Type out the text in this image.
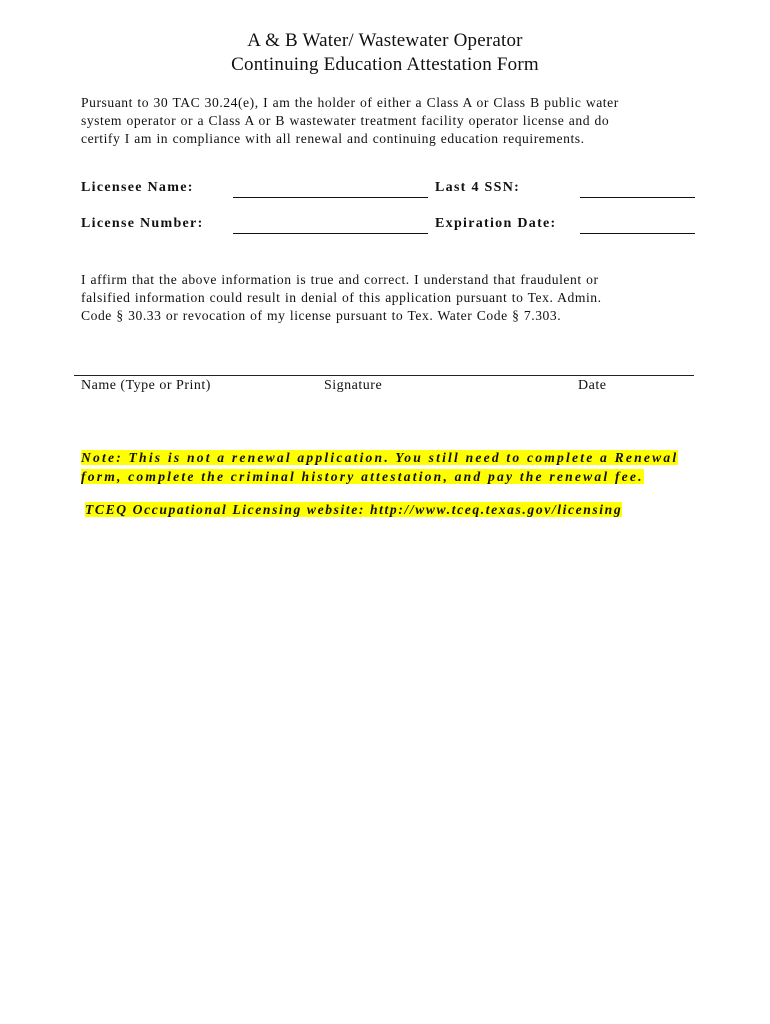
A & B Water/ Wastewater Operator
Continuing Education Attestation Form
Pursuant to 30 TAC 30.24(e), I am the holder of either a Class A or Class B public water
system operator or a Class A or B wastewater treatment facility operator license and do
certify I am in compliance with all renewal and continuing education requirements.
Licensee Name:	Last 4 SSN:
License Number:	Expiration Date:
I affirm that the above information is true and correct. I understand that fraudulent or
falsified information could result in denial of this application pursuant to Tex. Admin.
Code § 30.33 or revocation of my license pursuant to Tex. Water Code § 7.303.
Name (Type or Print)	Signature	Date
Note: This is not a renewal application. You still need to complete a Renewal
form, complete the criminal history attestation, and pay the renewal fee.
TCEQ Occupational Licensing website: http://www.tceq.texas.gov/licensing
